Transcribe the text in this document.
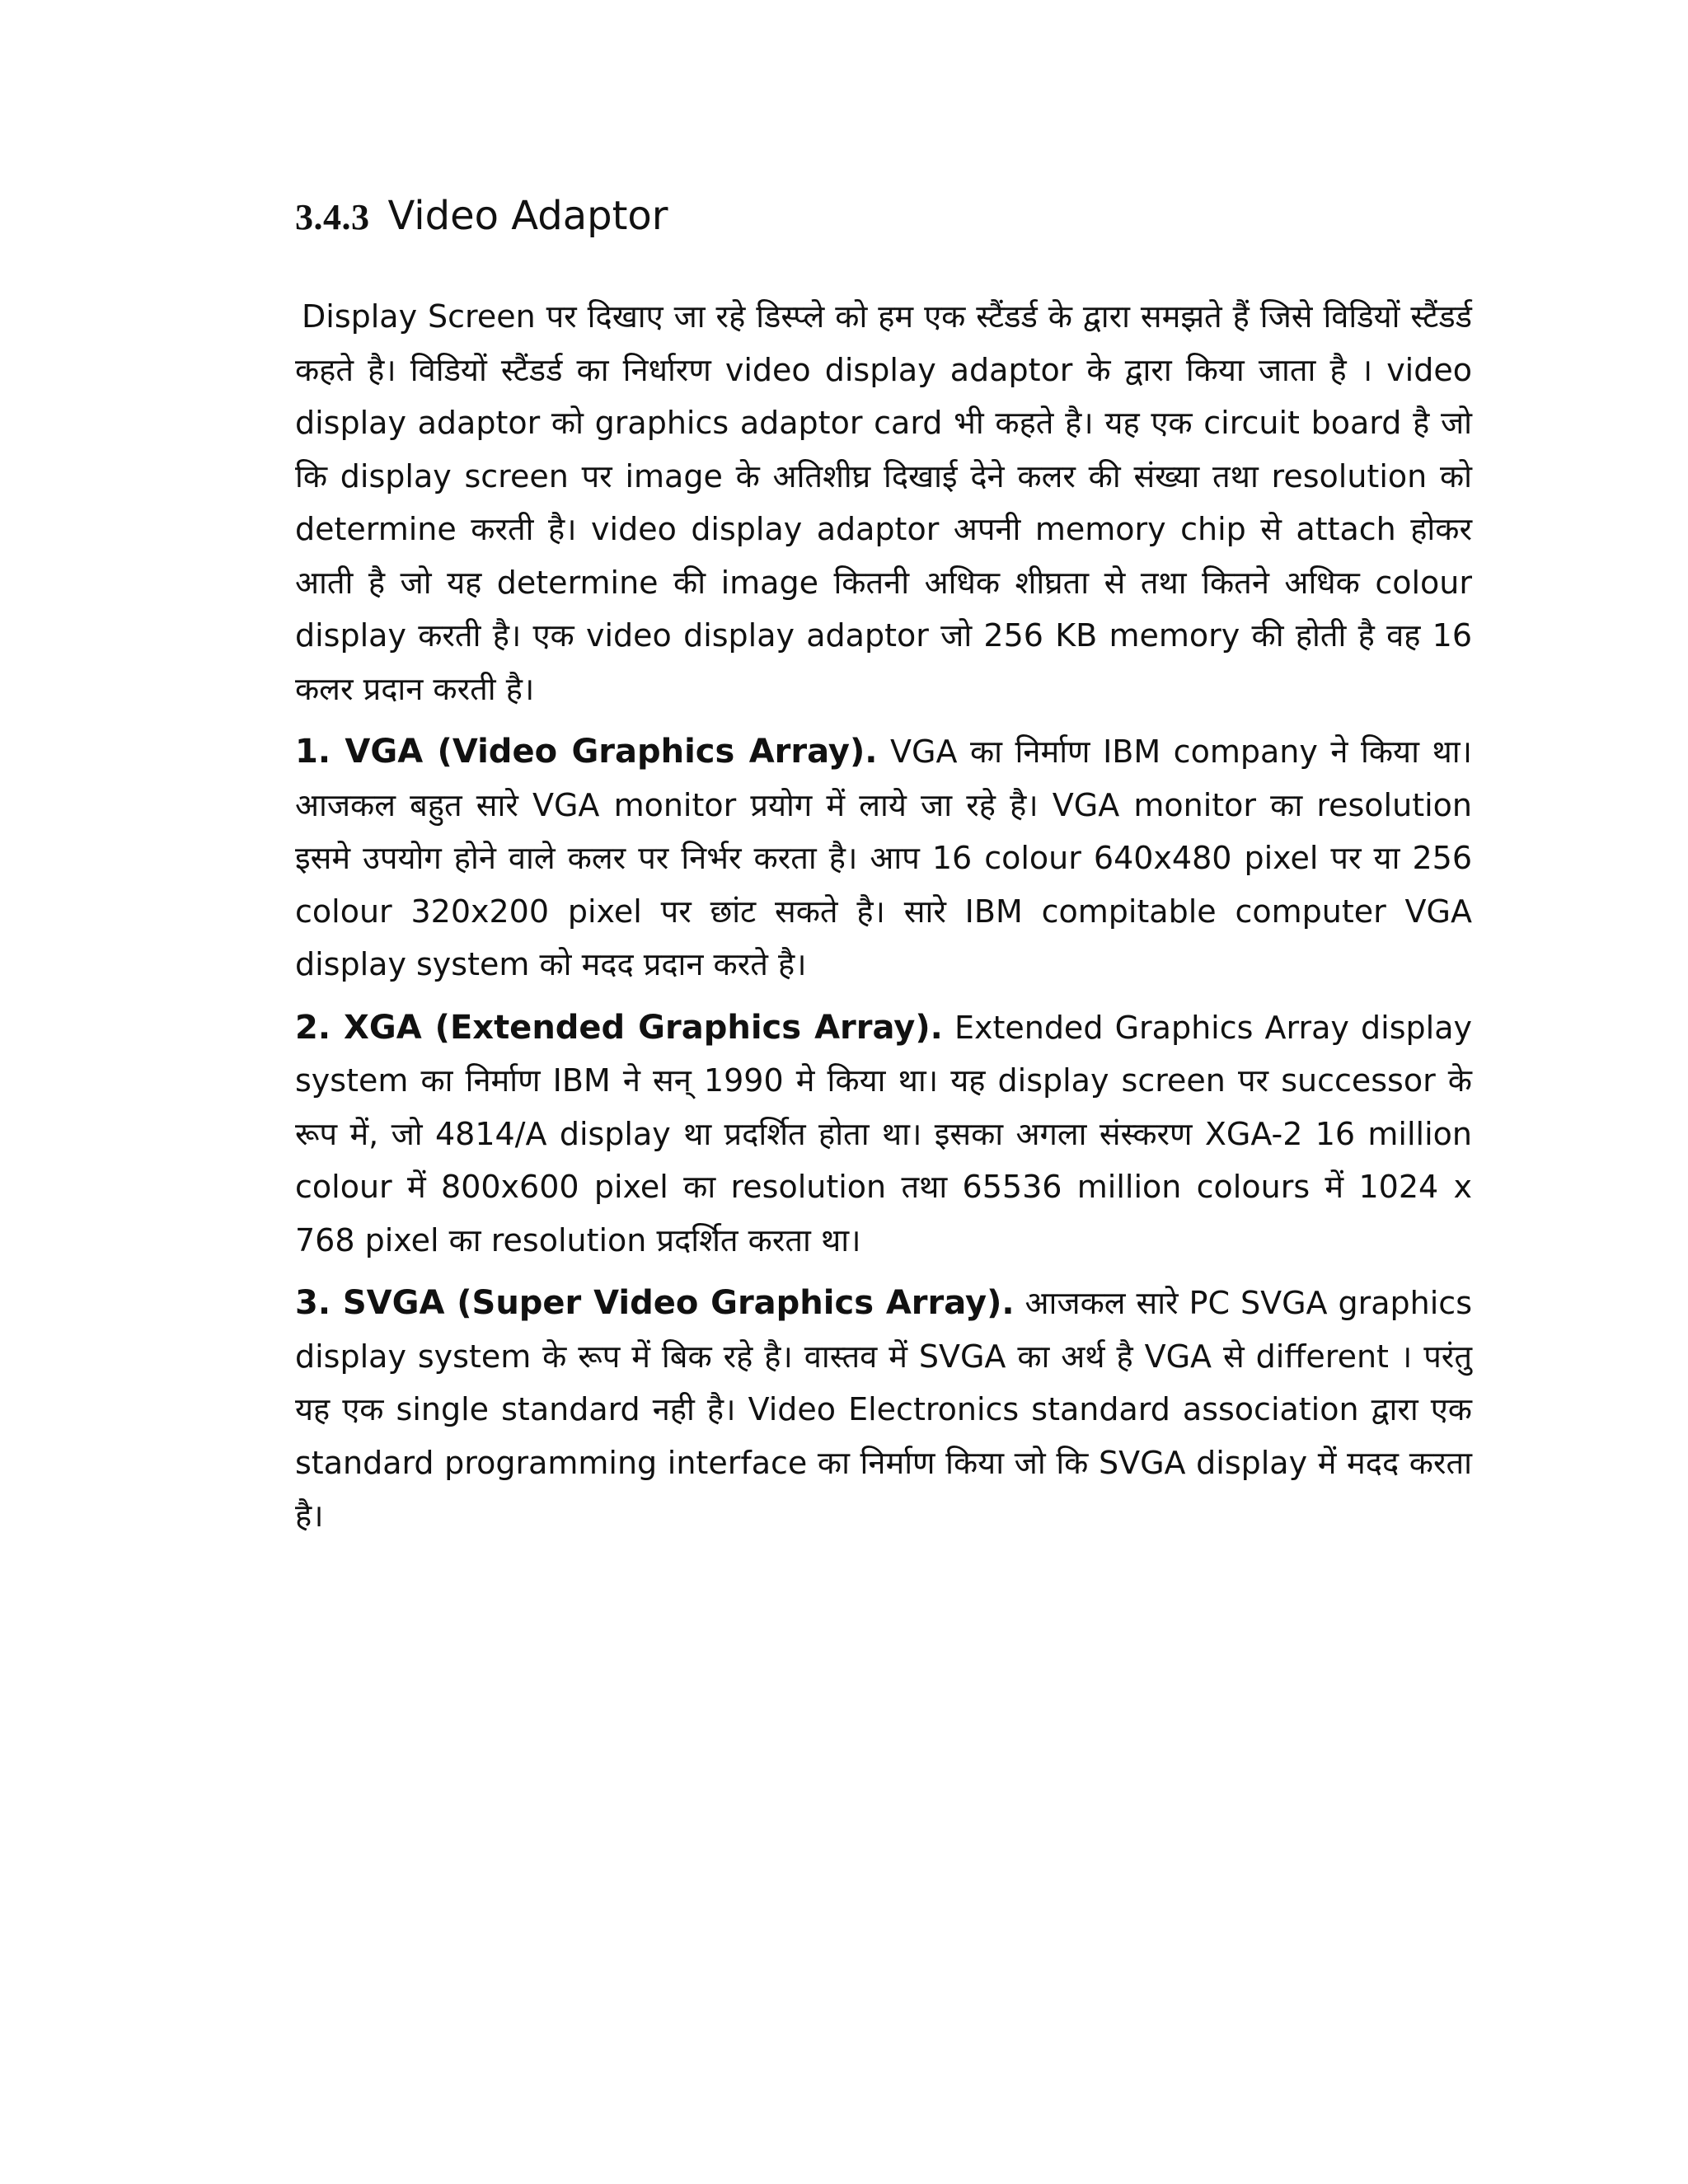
3.4.3 Video Adaptor

Display Screen पर दिखाए जा रहे डिस्प्ले को हम एक स्टैंडर्ड के द्वारा समझते हैं जिसे विडियों स्टैंडर्ड कहते है। विडियों स्टैंडर्ड का निर्धारण video display adaptor के द्वारा किया जाता है । video display adaptor को graphics adaptor card भी कहते है। यह एक circuit board है जो कि display screen पर image के अतिशीघ्र दिखाई देने कलर की संख्या तथा resolution को determine करती है। video display adaptor अपनी memory chip से attach होकर आती है जो यह determine की image कितनी अधिक शीघ्रता से तथा कितने अधिक colour display करती है। एक video display adaptor जो 256 KB memory की होती है वह 16 कलर प्रदान करती है।

1. VGA (Video Graphics Array). VGA का निर्माण IBM company ने किया था। आजकल बहुत सारे VGA monitor प्रयोग में लाये जा रहे है। VGA monitor का resolution इसमे उपयोग होने वाले कलर पर निर्भर करता है। आप 16 colour 640x480 pixel पर या 256 colour 320x200 pixel पर छांट सकते है। सारे IBM compitable computer VGA display system को मदद प्रदान करते है।

2. XGA (Extended Graphics Array). Extended Graphics Array display system का निर्माण IBM ने सन् 1990 मे किया था। यह display screen पर successor के रूप में, जो 4814/A display था प्रदर्शित होता था। इसका अगला संस्करण XGA-2 16 million colour में 800x600 pixel का resolution तथा 65536 million colours में 1024 x 768 pixel का resolution प्रदर्शित करता था।

3. SVGA (Super Video Graphics Array). आजकल सारे PC SVGA graphics display system के रूप में बिक रहे है। वास्तव में SVGA का अर्थ है VGA से different । परंतु यह एक single standard नही है। Video Electronics standard association द्वारा एक standard programming interface का निर्माण किया जो कि SVGA display में मदद करता है।
